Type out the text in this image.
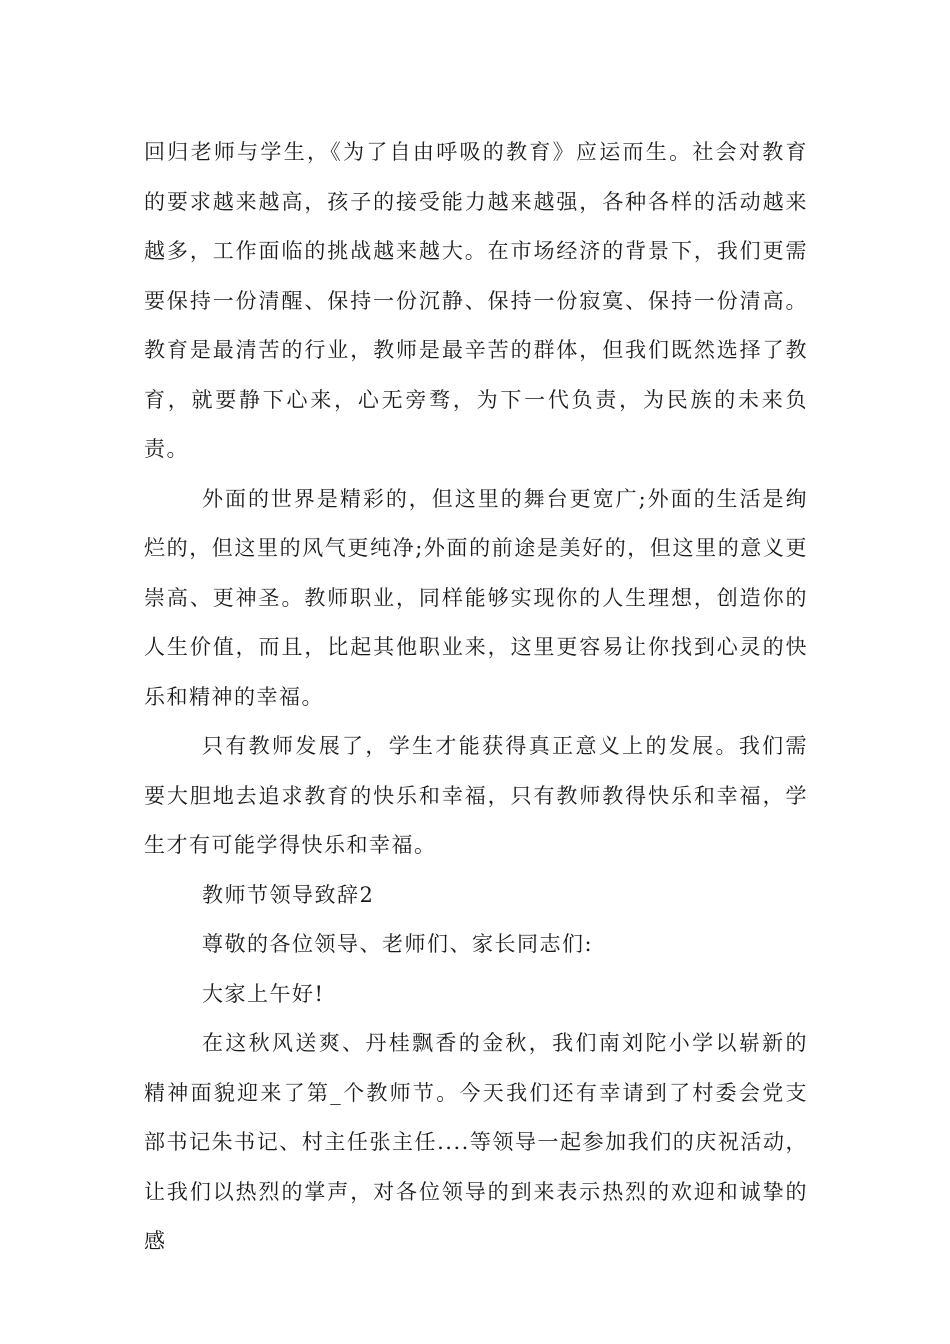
回归老师与学生，《为了自由呼吸的教育》应运而生。社会对教育的要求越来越高，孩子的接受能力越来越强，各种各样的活动越来越多，工作面临的挑战越来越大。在市场经济的背景下，我们更需要保持一份清醒、保持一份沉静、保持一份寂寞、保持一份清高。教育是最清苦的行业，教师是最辛苦的群体，但我们既然选择了教育，就要静下心来，心无旁骛，为下一代负责，为民族的未来负责。

外面的世界是精彩的，但这里的舞台更宽广;外面的生活是绚烂的，但这里的风气更纯净;外面的前途是美好的，但这里的意义更崇高、更神圣。教师职业，同样能够实现你的人生理想，创造你的人生价值，而且，比起其他职业来，这里更容易让你找到心灵的快乐和精神的幸福。

只有教师发展了，学生才能获得真正意义上的发展。我们需要大胆地去追求教育的快乐和幸福，只有教师教得快乐和幸福，学生才有可能学得快乐和幸福。

教师节领导致辞2

尊敬的各位领导、老师们、家长同志们:

大家上午好!

在这秋风送爽、丹桂飘香的金秋，我们南刘陀小学以崭新的精神面貌迎来了第_个教师节。今天我们还有幸请到了村委会党支部书记朱书记、村主任张主任....等领导一起参加我们的庆祝活动，让我们以热烈的掌声，对各位领导的到来表示热烈的欢迎和诚挚的感
